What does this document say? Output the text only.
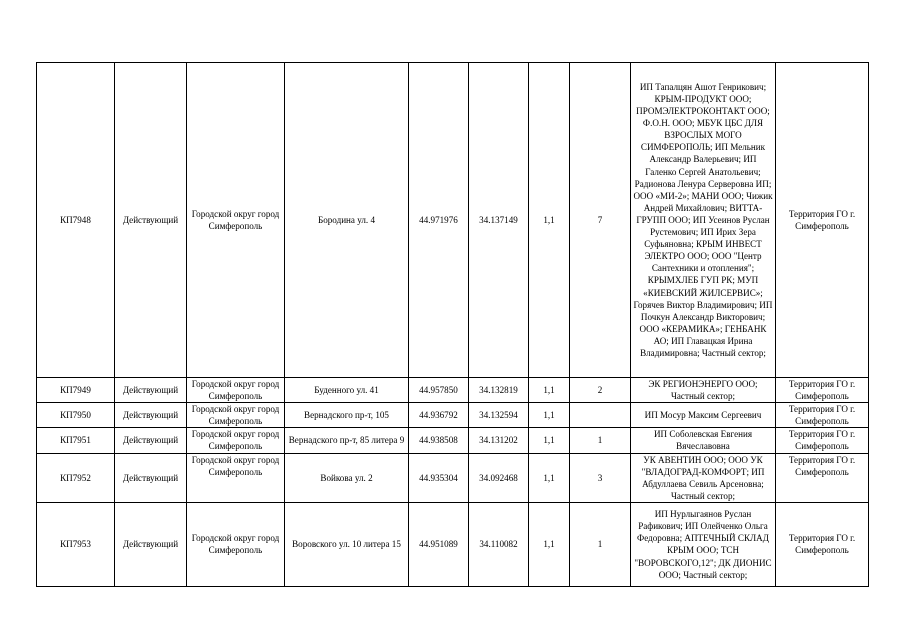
КП7948	Действующий	Городской округ город Симферополь	Бородина ул. 4	44.971976	34.137149	1,1	7	ИП Тапалцян Ашот Генрикович; КРЫМ-ПРОДУКТ ООО; ПРОМЭЛЕКТРОКОНТАКТ ООО; Ф.О.Н. ООО; МБУК ЦБС ДЛЯ ВЗРОСЛЫХ МОГО СИМФЕРОПОЛЬ; ИП Мельник Александр Валерьевич; ИП Галенко Сергей Анатольевич; Радионова Ленура Серверовна ИП; ООО «МИ-2»; МАНИ ООО; Чижик Андрей Михайлович; ВИТТА-ГРУПП ООО; ИП Усеинов Руслан Рустемович; ИП Ирих Зера Суфьяновна; КРЫМ ИНВЕСТ ЭЛЕКТРО ООО; ООО "Центр Сантехники и отопления"; КРЫМХЛЕБ ГУП РК; МУП «КИЕВСКИЙ ЖИЛСЕРВИС»; Горячев Виктор Владимирович; ИП Почкун Александр Викторович; ООО «КЕРАМИКА»; ГЕНБАНК АО; ИП Главацкая Ирина Владимировна; Частный сектор;	Территория ГО г. Симферополь
КП7949	Действующий	Городской округ город Симферополь	Буденного ул. 41	44.957850	34.132819	1,1	2	ЭК РЕГИОНЭНЕРГО ООО; Частный сектор;	Территория ГО г. Симферополь
КП7950	Действующий	Городской округ город Симферополь	Вернадского пр-т, 105	44.936792	34.132594	1,1		ИП Мосур Максим Сергеевич	Территория ГО г. Симферополь
КП7951	Действующий	Городской округ город Симферополь	Вернадского пр-т, 85 литера 9	44.938508	34.131202	1,1	1	ИП Соболевская Евгения Вячеславовна	Территория ГО г. Симферополь
КП7952	Действующий	Городской округ город Симферополь	Войкова ул. 2	44.935304	34.092468	1,1	3	УК АВЕНТИН ООО; ООО УК "ВЛАДОГРАД-КОМФОРТ; ИП Абдуллаева Севиль Арсеновна; Частный сектор;	Территория ГО г. Симферополь
КП7953	Действующий	Городской округ город Симферополь	Воровского ул. 10 литера 15	44.951089	34.110082	1,1	1	ИП Нурлыгаянов Руслан Рафикович; ИП Олейченко Ольга Федоровна; АПТЕЧНЫЙ СКЛАД КРЫМ ООО; ТСН "ВОРОВСКОГО,12"; ДК ДИОНИС ООО; Частный сектор;	Территория ГО г. Симферополь
